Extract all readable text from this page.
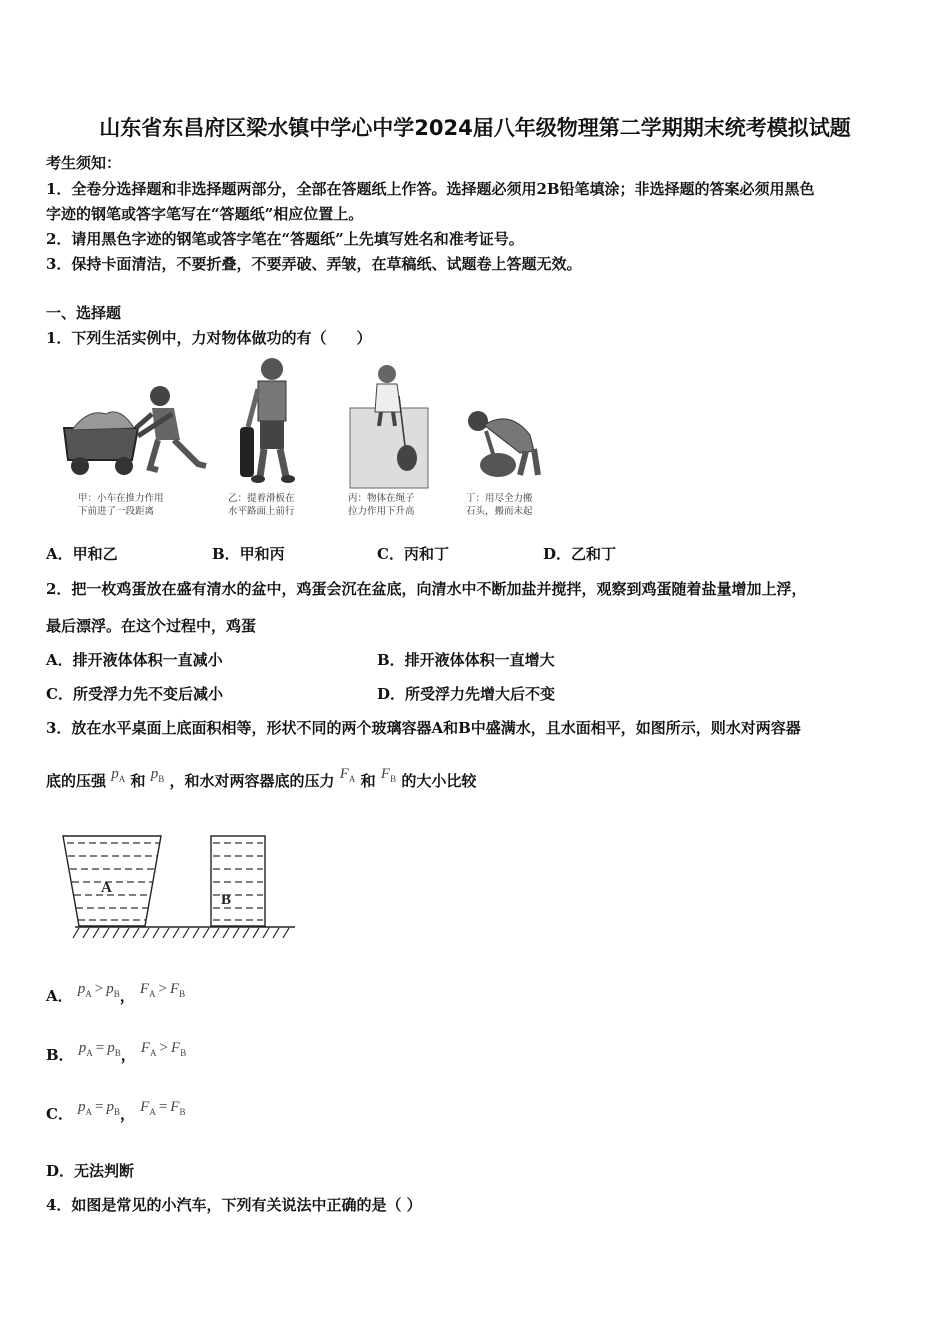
山东省东昌府区梁水镇中学心中学2024届八年级物理第二学期期末统考模拟试题
考生须知：
1．全卷分选择题和非选择题两部分，全部在答题纸上作答。选择题必须用2B铅笔填涂；非选择题的答案必须用黑色
字迹的钢笔或答字笔写在“答题纸”相应位置上。
2．请用黑色字迹的钢笔或答字笔在“答题纸”上先填写姓名和准考证号。
3．保持卡面清洁，不要折叠，不要弄破、弄皱，在草稿纸、试题卷上答题无效。
一、选择题
1．下列生活实例中，力对物体做功的有（　　）
甲：小车在推力作用
下前进了一段距离
乙：提着滑板在
水平路面上前行
丙：物体在绳子
拉力作用下升高
丁：用尽全力搬
石头，搬而未起
A．甲和乙	B．甲和丙	C．丙和丁	D．乙和丁
2．把一枚鸡蛋放在盛有清水的盆中，鸡蛋会沉在盆底，向清水中不断加盐并搅拌，观察到鸡蛋随着盐量增加上浮，
最后漂浮。在这个过程中，鸡蛋
A．排开液体体积一直减小	B．排开液体体积一直增大
C．所受浮力先不变后减小	D．所受浮力先增大后不变
3．放在水平桌面上底面积相等，形状不同的两个玻璃容器A和B中盛满水，且水面相平，如图所示，则水对两容器
底的压强 $p_A$ 和 $p_B$ ，和水对两容器底的压力 $F_A$ 和 $F_B$ 的大小比较
A
B
A． $p_A > p_B$， $F_A > F_B$
B． $p_A = p_B$， $F_A > F_B$
C． $p_A = p_B$， $F_A = F_B$
D．无法判断
4．如图是常见的小汽车，下列有关说法中正确的是（ ）
